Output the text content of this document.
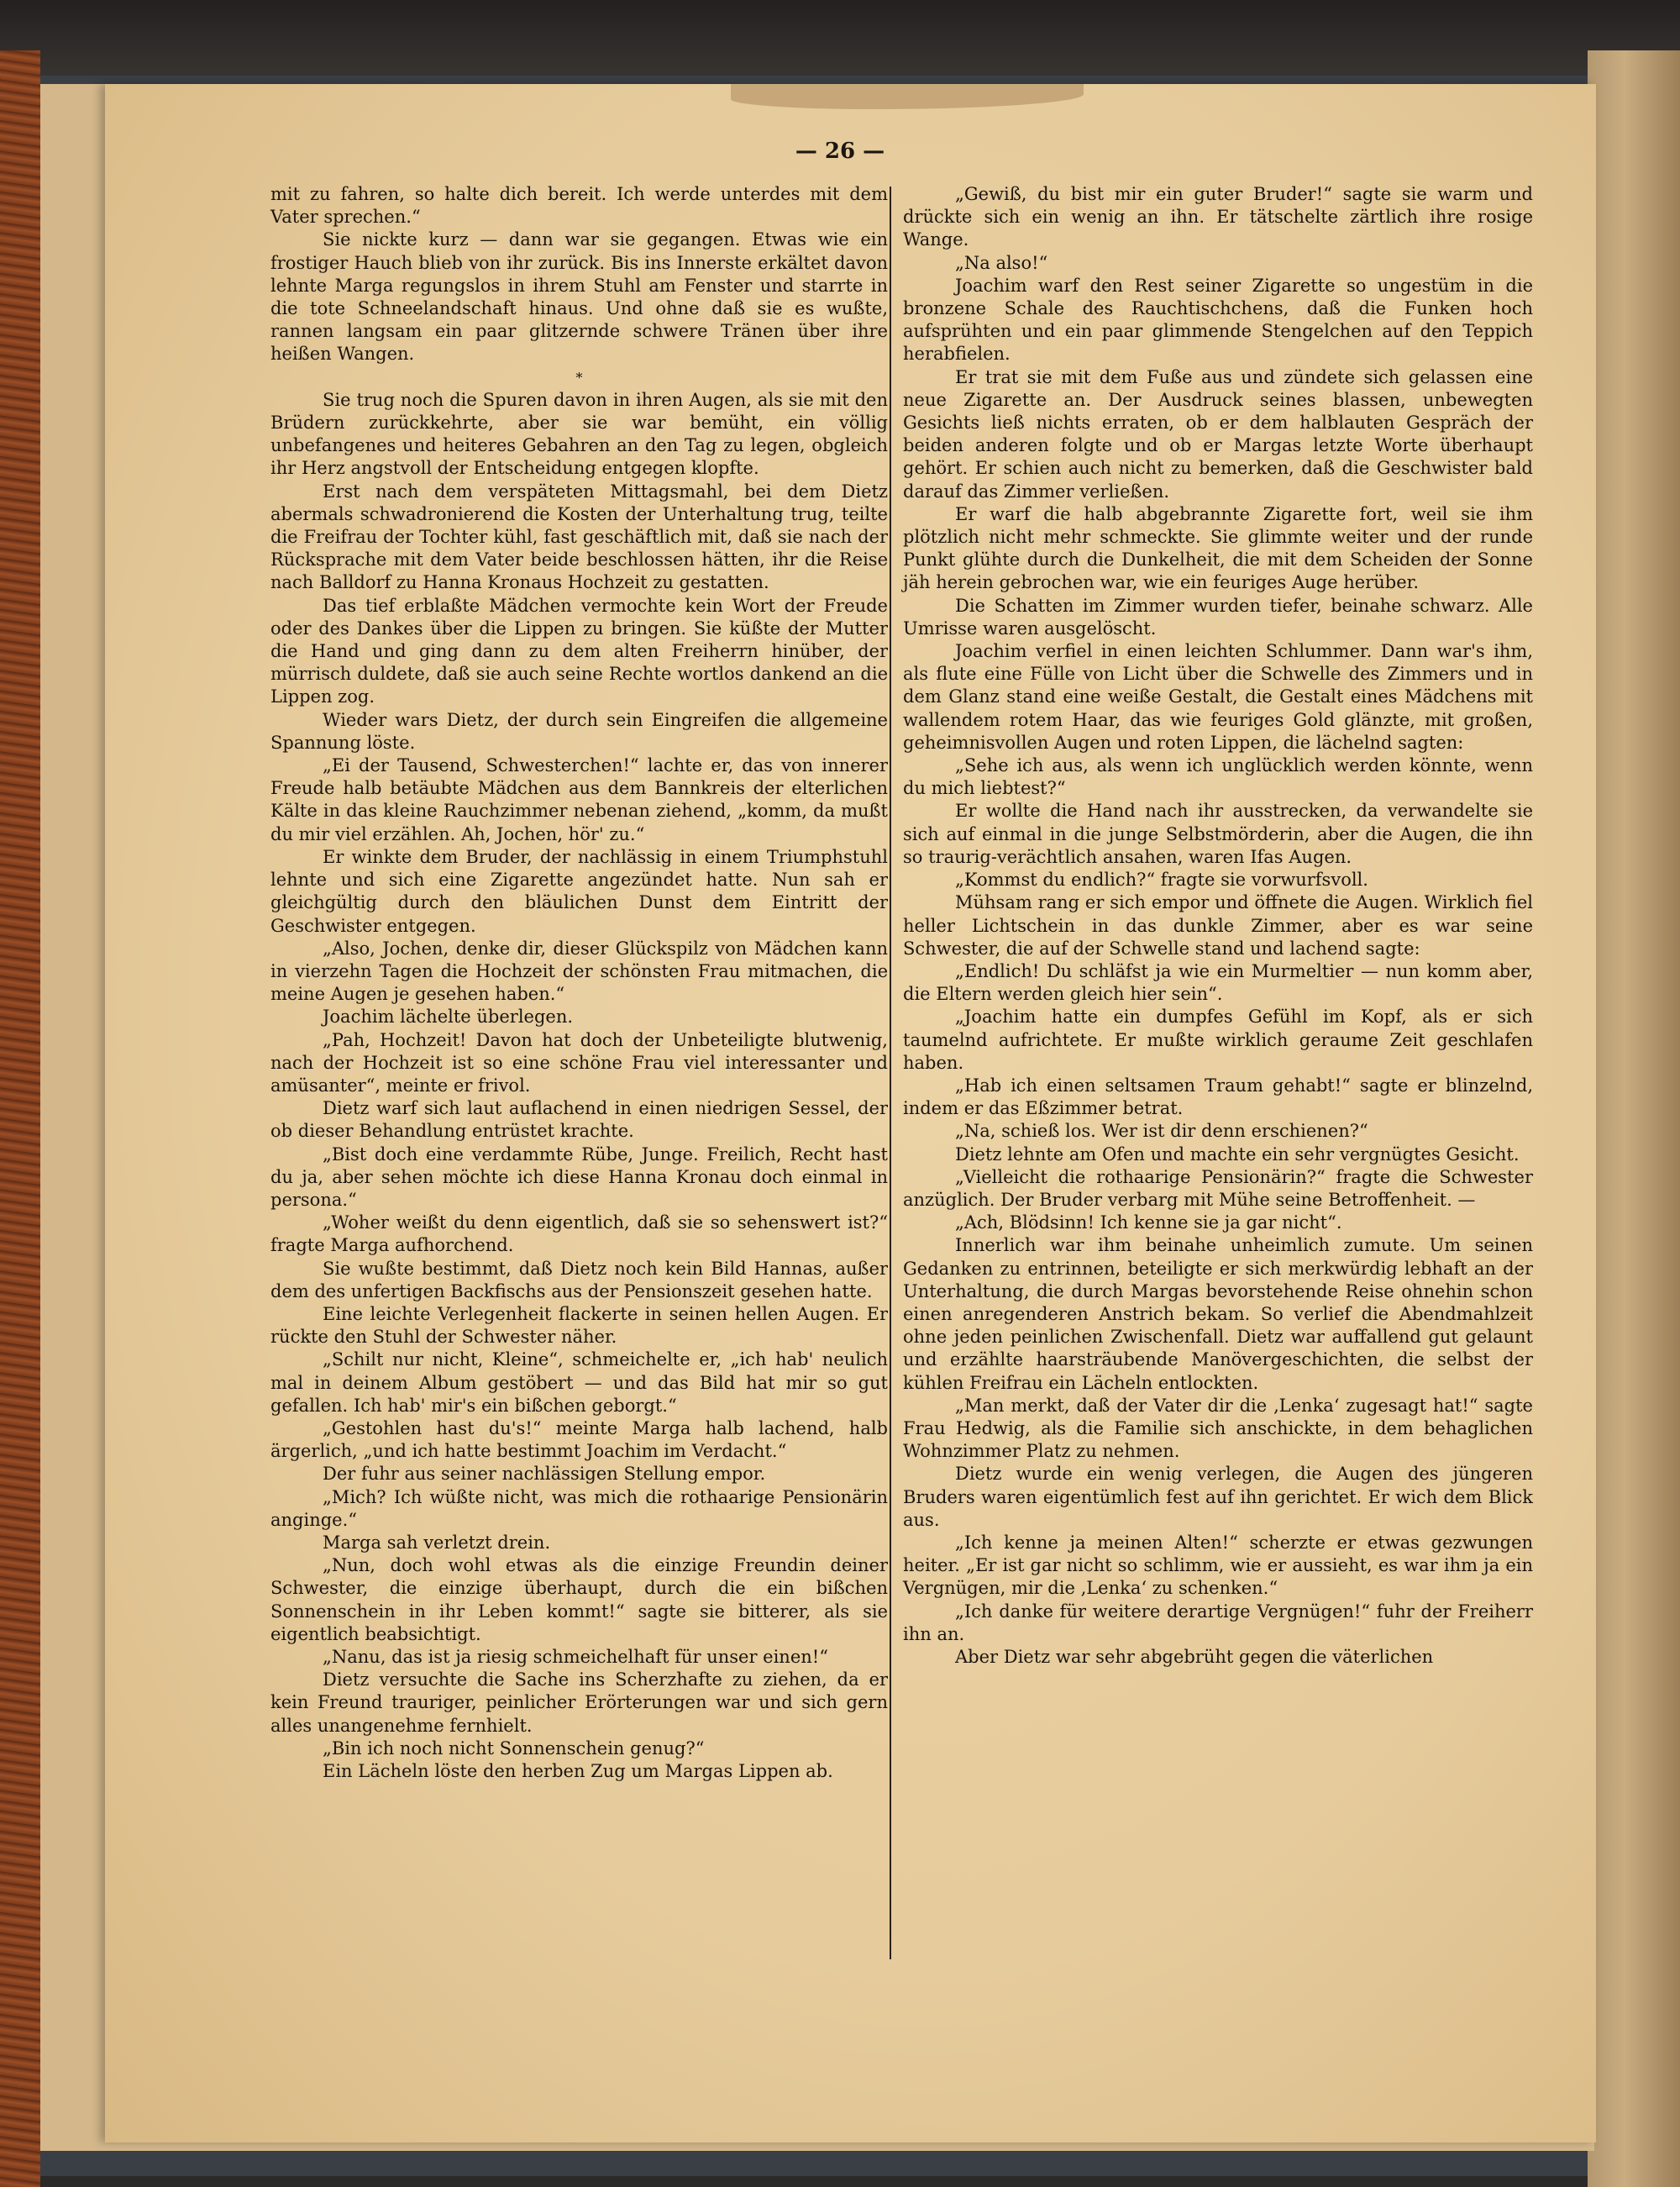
— 26 —

mit zu fahren, so halte dich bereit. Ich werde unterdes mit dem Vater sprechen.“

Sie nickte kurz — dann war sie gegangen. Etwas wie ein frostiger Hauch blieb von ihr zurück. Bis ins Innerste erkältet davon lehnte Marga regungslos in ihrem Stuhl am Fenster und starrte in die tote Schneelandschaft hinaus. Und ohne daß sie es wußte, rannen langsam ein paar glitzernde schwere Tränen über ihre heißen Wangen.

*

Sie trug noch die Spuren davon in ihren Augen, als sie mit den Brüdern zurückkehrte, aber sie war bemüht, ein völlig unbefangenes und heiteres Gebahren an den Tag zu legen, obgleich ihr Herz angstvoll der Entscheidung entgegen klopfte.

Erst nach dem verspäteten Mittagsmahl, bei dem Dietz abermals schwadronierend die Kosten der Unterhaltung trug, teilte die Freifrau der Tochter kühl, fast geschäftlich mit, daß sie nach der Rücksprache mit dem Vater beide beschlossen hätten, ihr die Reise nach Balldorf zu Hanna Kronaus Hochzeit zu gestatten.

Das tief erblaßte Mädchen vermochte kein Wort der Freude oder des Dankes über die Lippen zu bringen. Sie küßte der Mutter die Hand und ging dann zu dem alten Freiherrn hinüber, der mürrisch duldete, daß sie auch seine Rechte wortlos dankend an die Lippen zog.

Wieder wars Dietz, der durch sein Eingreifen die allgemeine Spannung löste.

„Ei der Tausend, Schwesterchen!“ lachte er, das von innerer Freude halb betäubte Mädchen aus dem Bannkreis der elterlichen Kälte in das kleine Rauchzimmer nebenan ziehend, „komm, da mußt du mir viel erzählen. Ah, Jochen, hör' zu.“

Er winkte dem Bruder, der nachlässig in einem Triumphstuhl lehnte und sich eine Zigarette angezündet hatte. Nun sah er gleichgültig durch den bläulichen Dunst dem Eintritt der Geschwister entgegen.

„Also, Jochen, denke dir, dieser Glückspilz von Mädchen kann in vierzehn Tagen die Hochzeit der schönsten Frau mitmachen, die meine Augen je gesehen haben.“

Joachim lächelte überlegen.

„Pah, Hochzeit! Davon hat doch der Unbeteiligte blutwenig, nach der Hochzeit ist so eine schöne Frau viel interessanter und amüsanter“, meinte er frivol.

Dietz warf sich laut auflachend in einen niedrigen Sessel, der ob dieser Behandlung entrüstet krachte.

„Bist doch eine verdammte Rübe, Junge. Freilich, Recht hast du ja, aber sehen möchte ich diese Hanna Kronau doch einmal in persona.“

„Woher weißt du denn eigentlich, daß sie so sehenswert ist?“ fragte Marga aufhorchend.

Sie wußte bestimmt, daß Dietz noch kein Bild Hannas, außer dem des unfertigen Backfischs aus der Pensionszeit gesehen hatte.

Eine leichte Verlegenheit flackerte in seinen hellen Augen. Er rückte den Stuhl der Schwester näher.

„Schilt nur nicht, Kleine“, schmeichelte er, „ich hab' neulich mal in deinem Album gestöbert — und das Bild hat mir so gut gefallen. Ich hab' mir's ein bißchen geborgt.“

„Gestohlen hast du's!“ meinte Marga halb lachend, halb ärgerlich, „und ich hatte bestimmt Joachim im Verdacht.“

Der fuhr aus seiner nachlässigen Stellung empor.

„Mich? Ich wüßte nicht, was mich die rothaarige Pensionärin anginge.“

Marga sah verletzt drein.

„Nun, doch wohl etwas als die einzige Freundin deiner Schwester, die einzige überhaupt, durch die ein bißchen Sonnenschein in ihr Leben kommt!“ sagte sie bitterer, als sie eigentlich beabsichtigt.

„Nanu, das ist ja riesig schmeichelhaft für unser einen!“

Dietz versuchte die Sache ins Scherzhafte zu ziehen, da er kein Freund trauriger, peinlicher Erörterungen war und sich gern alles unangenehme fernhielt.

„Bin ich noch nicht Sonnenschein genug?“

Ein Lächeln löste den herben Zug um Margas Lippen ab.

„Gewiß, du bist mir ein guter Bruder!“ sagte sie warm und drückte sich ein wenig an ihn. Er tätschelte zärtlich ihre rosige Wange.

„Na also!“

Joachim warf den Rest seiner Zigarette so ungestüm in die bronzene Schale des Rauchtischchens, daß die Funken hoch aufsprühten und ein paar glimmende Stengelchen auf den Teppich herabfielen.

Er trat sie mit dem Fuße aus und zündete sich gelassen eine neue Zigarette an. Der Ausdruck seines blassen, unbewegten Gesichts ließ nichts erraten, ob er dem halblauten Gespräch der beiden anderen folgte und ob er Margas letzte Worte überhaupt gehört. Er schien auch nicht zu bemerken, daß die Geschwister bald darauf das Zimmer verließen.

Er warf die halb abgebrannte Zigarette fort, weil sie ihm plötzlich nicht mehr schmeckte. Sie glimmte weiter und der runde Punkt glühte durch die Dunkelheit, die mit dem Scheiden der Sonne jäh herein gebrochen war, wie ein feuriges Auge herüber.

Die Schatten im Zimmer wurden tiefer, beinahe schwarz. Alle Umrisse waren ausgelöscht.

Joachim verfiel in einen leichten Schlummer. Dann war's ihm, als flute eine Fülle von Licht über die Schwelle des Zimmers und in dem Glanz stand eine weiße Gestalt, die Gestalt eines Mädchens mit wallendem rotem Haar, das wie feuriges Gold glänzte, mit großen, geheimnisvollen Augen und roten Lippen, die lächelnd sagten:

„Sehe ich aus, als wenn ich unglücklich werden könnte, wenn du mich liebtest?“

Er wollte die Hand nach ihr ausstrecken, da verwandelte sie sich auf einmal in die junge Selbstmörderin, aber die Augen, die ihn so traurig-verächtlich ansahen, waren Ifas Augen.

„Kommst du endlich?“ fragte sie vorwurfsvoll.

Mühsam rang er sich empor und öffnete die Augen. Wirklich fiel heller Lichtschein in das dunkle Zimmer, aber es war seine Schwester, die auf der Schwelle stand und lachend sagte:

„Endlich! Du schläfst ja wie ein Murmeltier — nun komm aber, die Eltern werden gleich hier sein“.

„Joachim hatte ein dumpfes Gefühl im Kopf, als er sich taumelnd aufrichtete. Er mußte wirklich geraume Zeit geschlafen haben.

„Hab ich einen seltsamen Traum gehabt!“ sagte er blinzelnd, indem er das Eßzimmer betrat.

„Na, schieß los. Wer ist dir denn erschienen?“

Dietz lehnte am Ofen und machte ein sehr vergnügtes Gesicht.

„Vielleicht die rothaarige Pensionärin?“ fragte die Schwester anzüglich. Der Bruder verbarg mit Mühe seine Betroffenheit. —

„Ach, Blödsinn! Ich kenne sie ja gar nicht“.

Innerlich war ihm beinahe unheimlich zumute. Um seinen Gedanken zu entrinnen, beteiligte er sich merkwürdig lebhaft an der Unterhaltung, die durch Margas bevorstehende Reise ohnehin schon einen anregenderen Anstrich bekam. So verlief die Abendmahlzeit ohne jeden peinlichen Zwischenfall. Dietz war auffallend gut gelaunt und erzählte haarsträubende Manövergeschichten, die selbst der kühlen Freifrau ein Lächeln entlockten.

„Man merkt, daß der Vater dir die ‚Lenka‘ zugesagt hat!“ sagte Frau Hedwig, als die Familie sich anschickte, in dem behaglichen Wohnzimmer Platz zu nehmen.

Dietz wurde ein wenig verlegen, die Augen des jüngeren Bruders waren eigentümlich fest auf ihn gerichtet. Er wich dem Blick aus.

„Ich kenne ja meinen Alten!“ scherzte er etwas gezwungen heiter. „Er ist gar nicht so schlimm, wie er aussieht, es war ihm ja ein Vergnügen, mir die ‚Lenka‘ zu schenken.“

„Ich danke für weitere derartige Vergnügen!“ fuhr der Freiherr ihn an.

Aber Dietz war sehr abgebrüht gegen die väterlichen
